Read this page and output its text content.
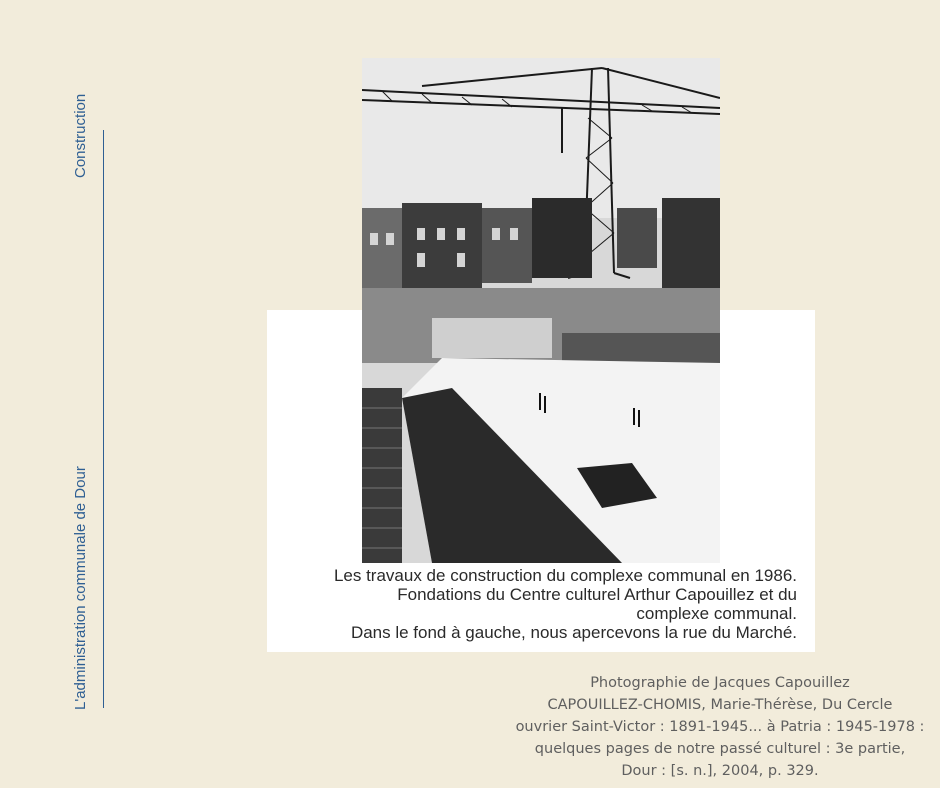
Construction
L'administration communale de Dour	Les travaux de construction du complexe communal en 1986.
Fondations du Centre culturel Arthur Capouillez et du
complexe communal.
Dans le fond à gauche, nous apercevons la rue du Marché.
Photographie de Jacques Capouillez
CAPOUILLEZ-CHOMIS, Marie-Thérèse, Du Cercle
ouvrier Saint-Victor : 1891-1945... à Patria : 1945-1978 :
quelques pages de notre passé culturel : 3e partie,
Dour : [s. n.], 2004, p. 329.
